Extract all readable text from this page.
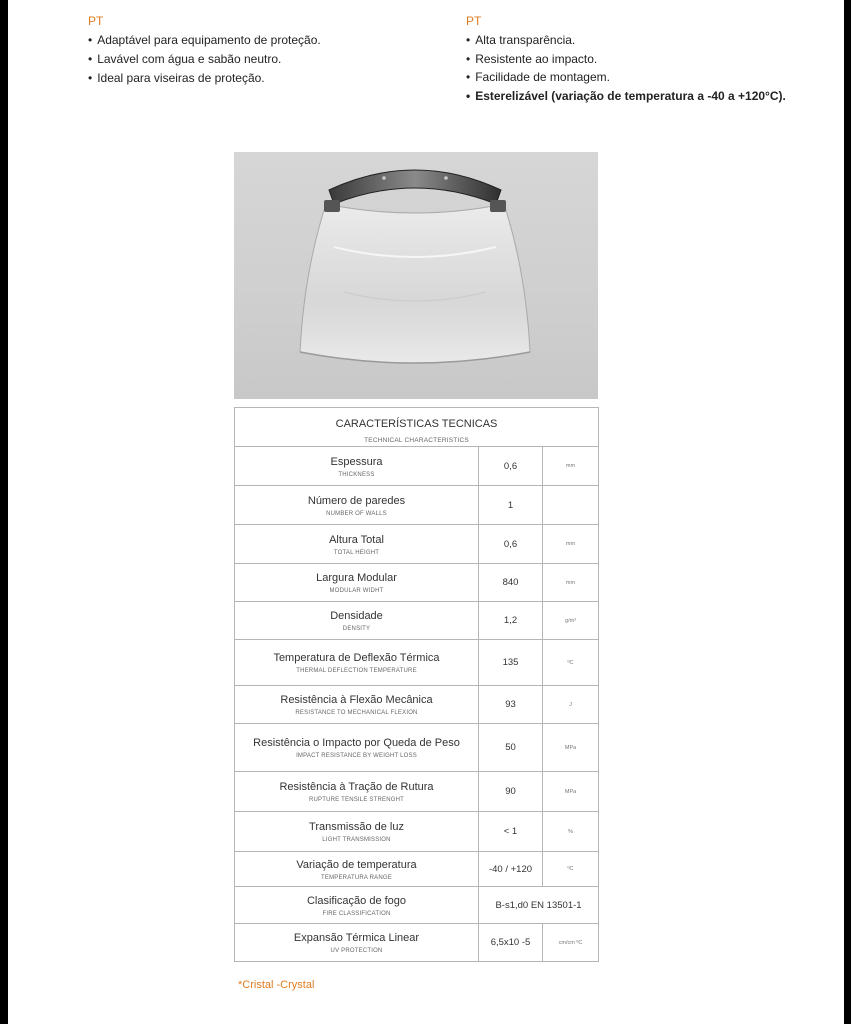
PT
• Adaptável para equipamento de proteção.
• Lavável com água e sabão neutro.
• Ideal para viseiras de proteção.
PT
• Alta transparência.
• Resistente ao impacto.
• Facilidade de montagem.
• Esterelizável (variação de temperatura a -40 a +120°C).
CARACTERÍSTICAS TECNICAS
TECHNICAL CHARACTERISTICS		

Espessura
THICKNESS	0,6	mm

Número de paredes
NUMBER OF WALLS	1	

Altura Total
TOTAL HEIGHT	0,6	mm

Largura Modular
MODULAR WIDHT	840	mm

Densidade
DENSITY	1,2	g/m³

Temperatura de Deflexão Térmica
THERMAL DEFLECTION TEMPERATURE	135	ºC

Resistência à Flexão Mecânica
RESISTANCE TO MECHANICAL FLEXION	93	J

Resistência o Impacto por Queda de Peso
IMPACT RESISTANCE BY WEIGHT LOSS	50	MPa

Resistência à Tração de Rutura
RUPTURE TENSILE STRENGHT	90	MPa

Transmissão de luz
LIGHT TRANSMISSION	< 1	%

Variação de temperatura
TEMPERATURA RANGE	-40 / +120	ºC

Clasificação de fogo
FIRE CLASSIFICATION	B-s1,d0 EN 13501-1	

Expansão Térmica Linear
UV PROTECTION	6,5x10 -5	cm/cm ºC
*Cristal -Crystal
